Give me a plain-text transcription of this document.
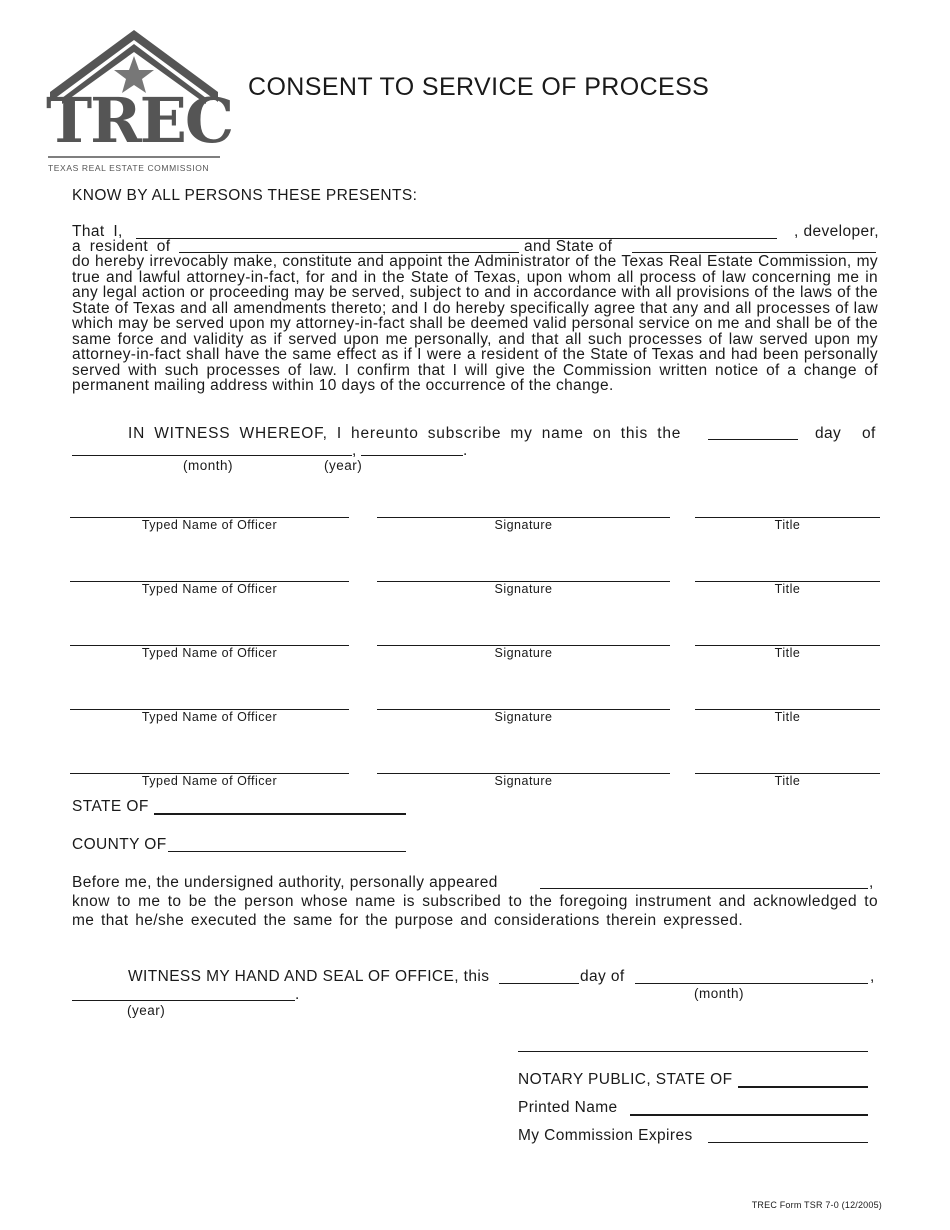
TREC
TEXAS REAL ESTATE COMMISSION
CONSENT TO SERVICE OF PROCESS
KNOW BY ALL PERSONS THESE PRESENTS:
That I,	, developer,
a resident of	and State of
do hereby irrevocably make, constitute and appoint the Administrator of the Texas Real Estate Commission, my true and lawful attorney-in-fact, for and in the State of Texas, upon whom all process of law concerning me in any legal action or proceeding may be served, subject to and in accordance with all provisions of the laws of the State of Texas and all amendments thereto; and I do hereby specifically agree that any and all processes of law which may be served upon my attorney-in-fact shall be deemed valid personal service on me and shall be of the same force and validity as if served upon me personally, and that all such processes of law served upon my attorney-in-fact shall have the same effect as if I were a resident of the State of Texas and had been personally served with such processes of law. I confirm that I will give the Commission written notice of a change of permanent mailing address within 10 days of the occurrence of the change.
IN WITNESS WHEREOF, I hereunto subscribe my name on this the	day of
,	.
(month)	(year)
Typed Name of Officer	Signature	Title
Typed Name of Officer	Signature	Title
Typed Name of Officer	Signature	Title
Typed Name of Officer	Signature	Title
Typed Name of Officer	Signature	Title
STATE OF
COUNTY OF
Before me, the undersigned authority, personally appeared	,
know to me to be the person whose name is subscribed to the foregoing instrument and acknowledged to me that he/she executed the same for the purpose and considerations therein expressed.
WITNESS MY HAND AND SEAL OF OFFICE, this	day of	,
(month)
.
(year)
NOTARY PUBLIC, STATE OF
Printed Name
My Commission Expires
TREC Form TSR 7-0 (12/2005)
